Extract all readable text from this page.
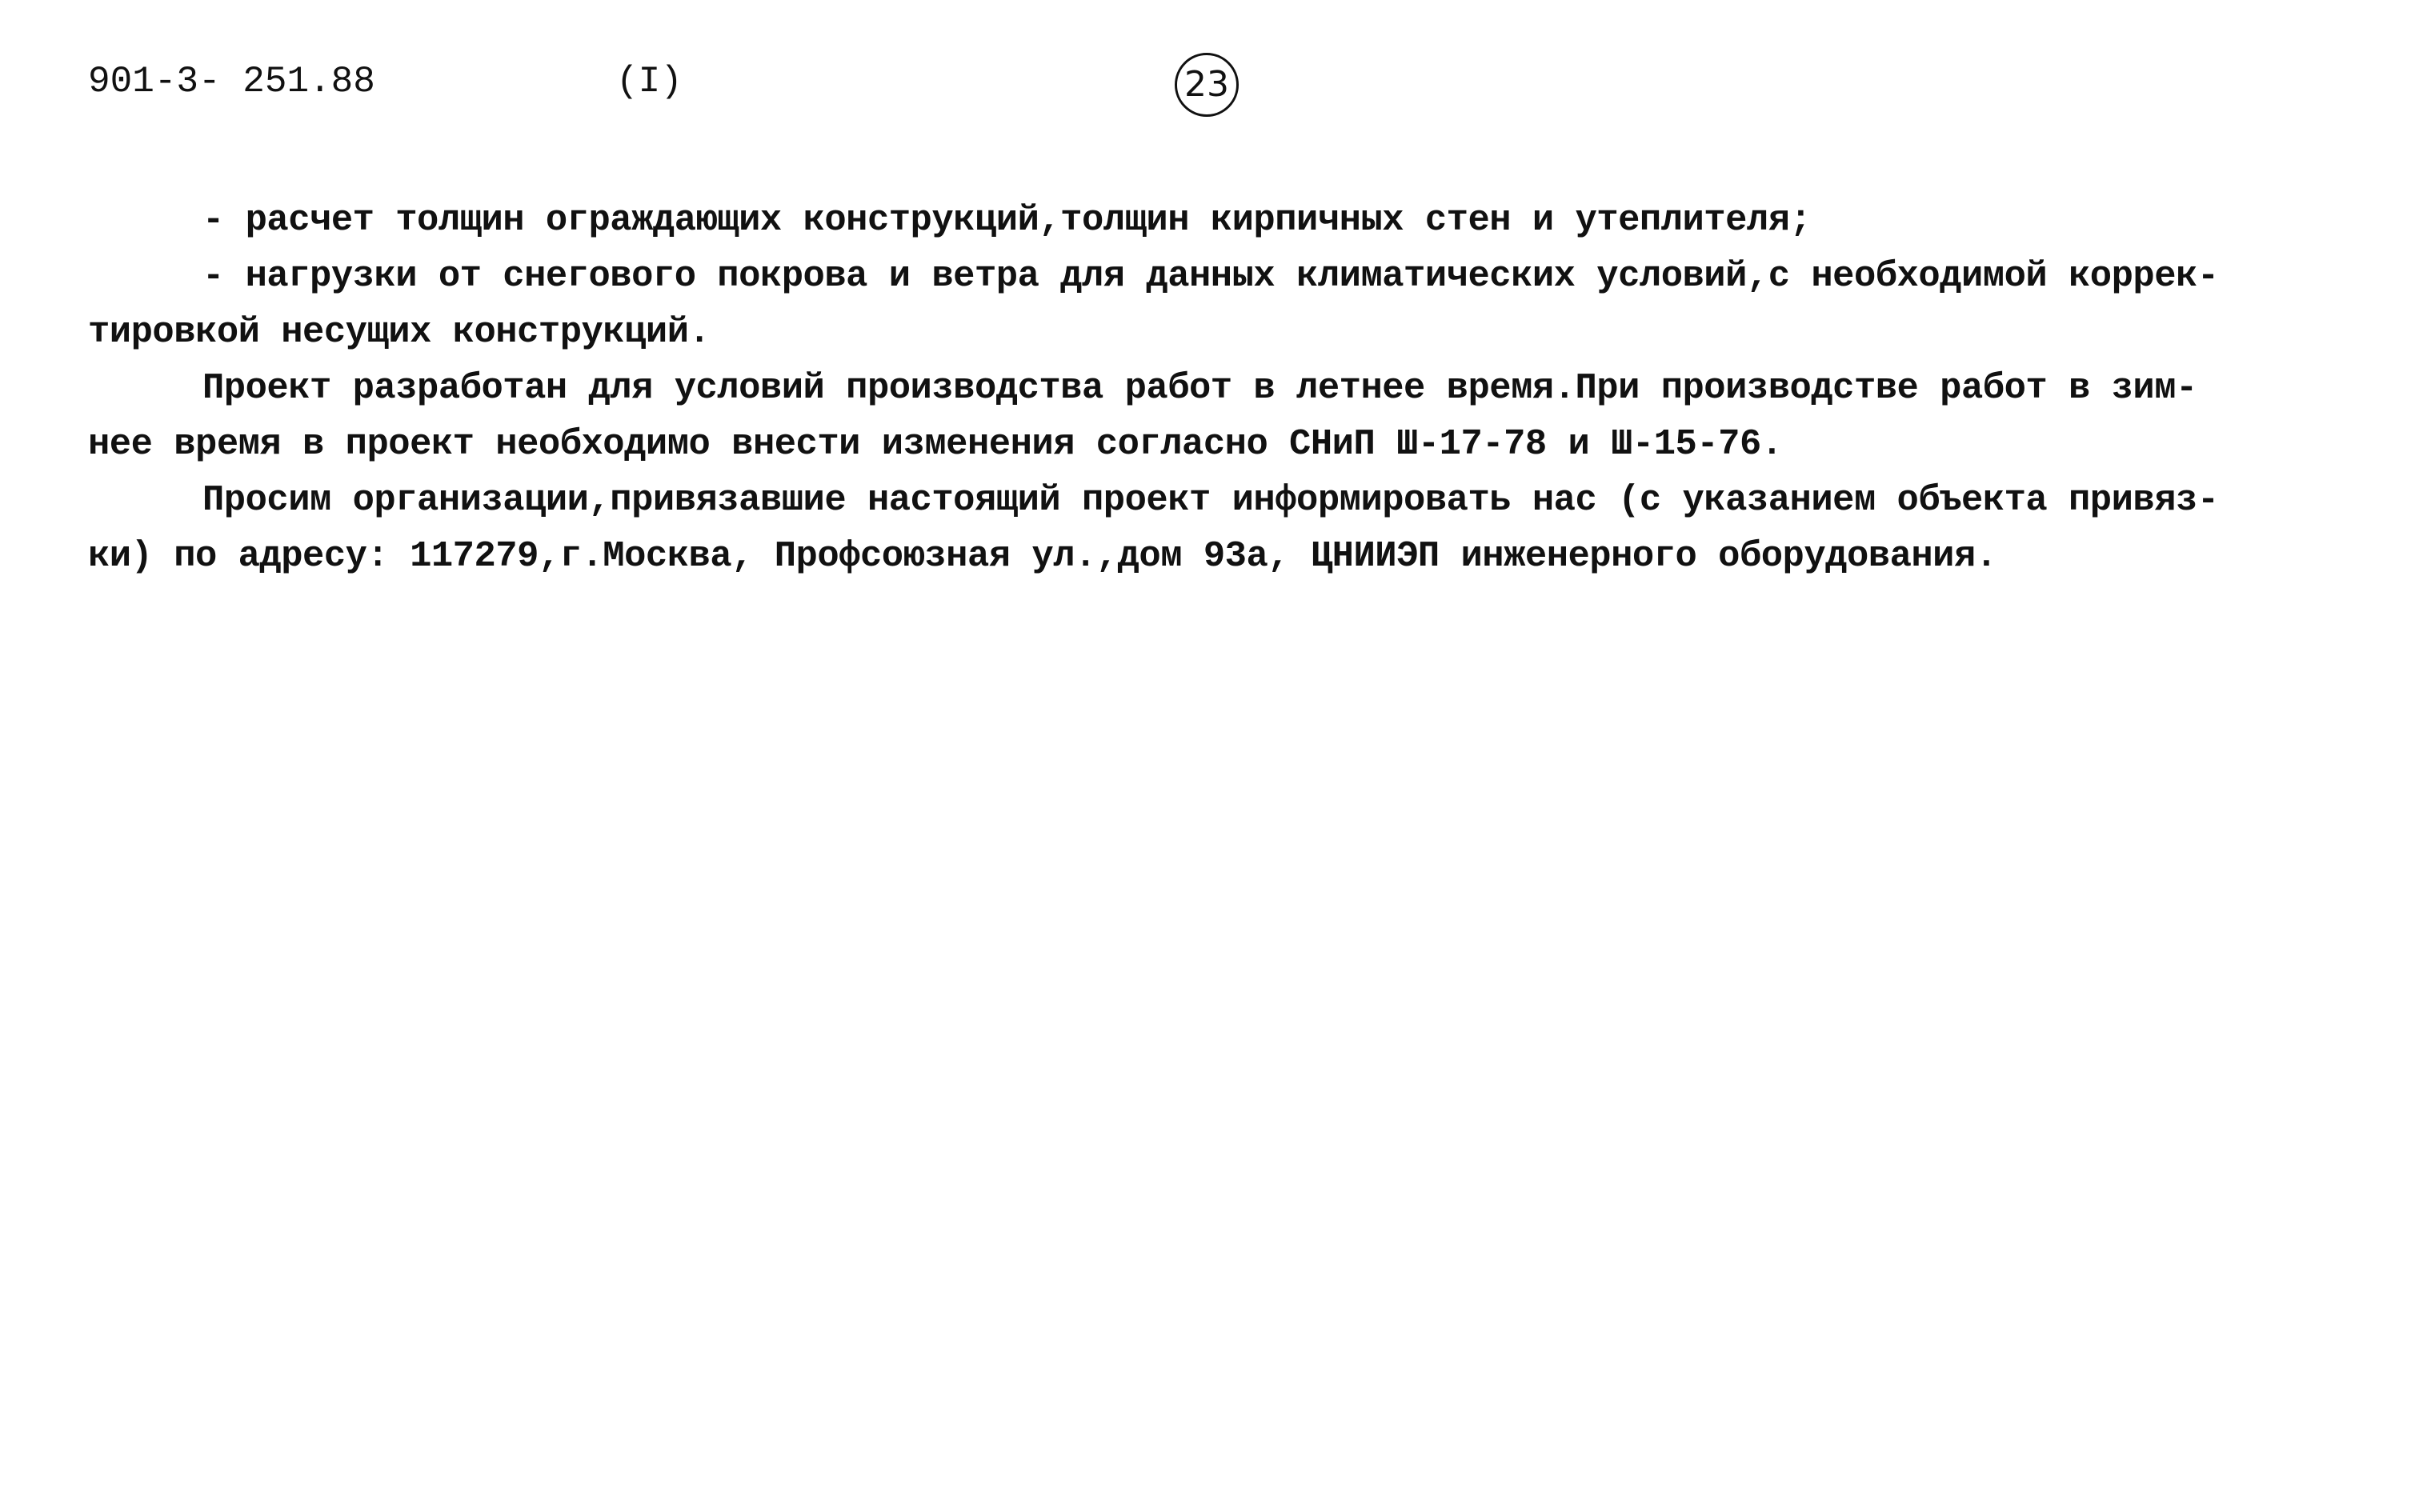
901-3- 251.88	(I)	23
- расчет толщин ограждающих конструкций,толщин кирпичных стен и утеплителя;
- нагрузки от снегового покрова и ветра для данных климатических условий,с необходимой коррек-
тировкой несущих конструкций.
Проект разработан для условий производства работ в летнее время.При производстве работ в зим-
нее время в проект необходимо внести изменения согласно СНиП Ш-17-78 и Ш-15-76.
Просим организации,привязавшие настоящий проект информировать нас (с указанием объекта привяз-
ки) по адресу: 117279,г.Москва, Профсоюзная ул.,дом 93а, ЦНИИЭП инженерного оборудования.
